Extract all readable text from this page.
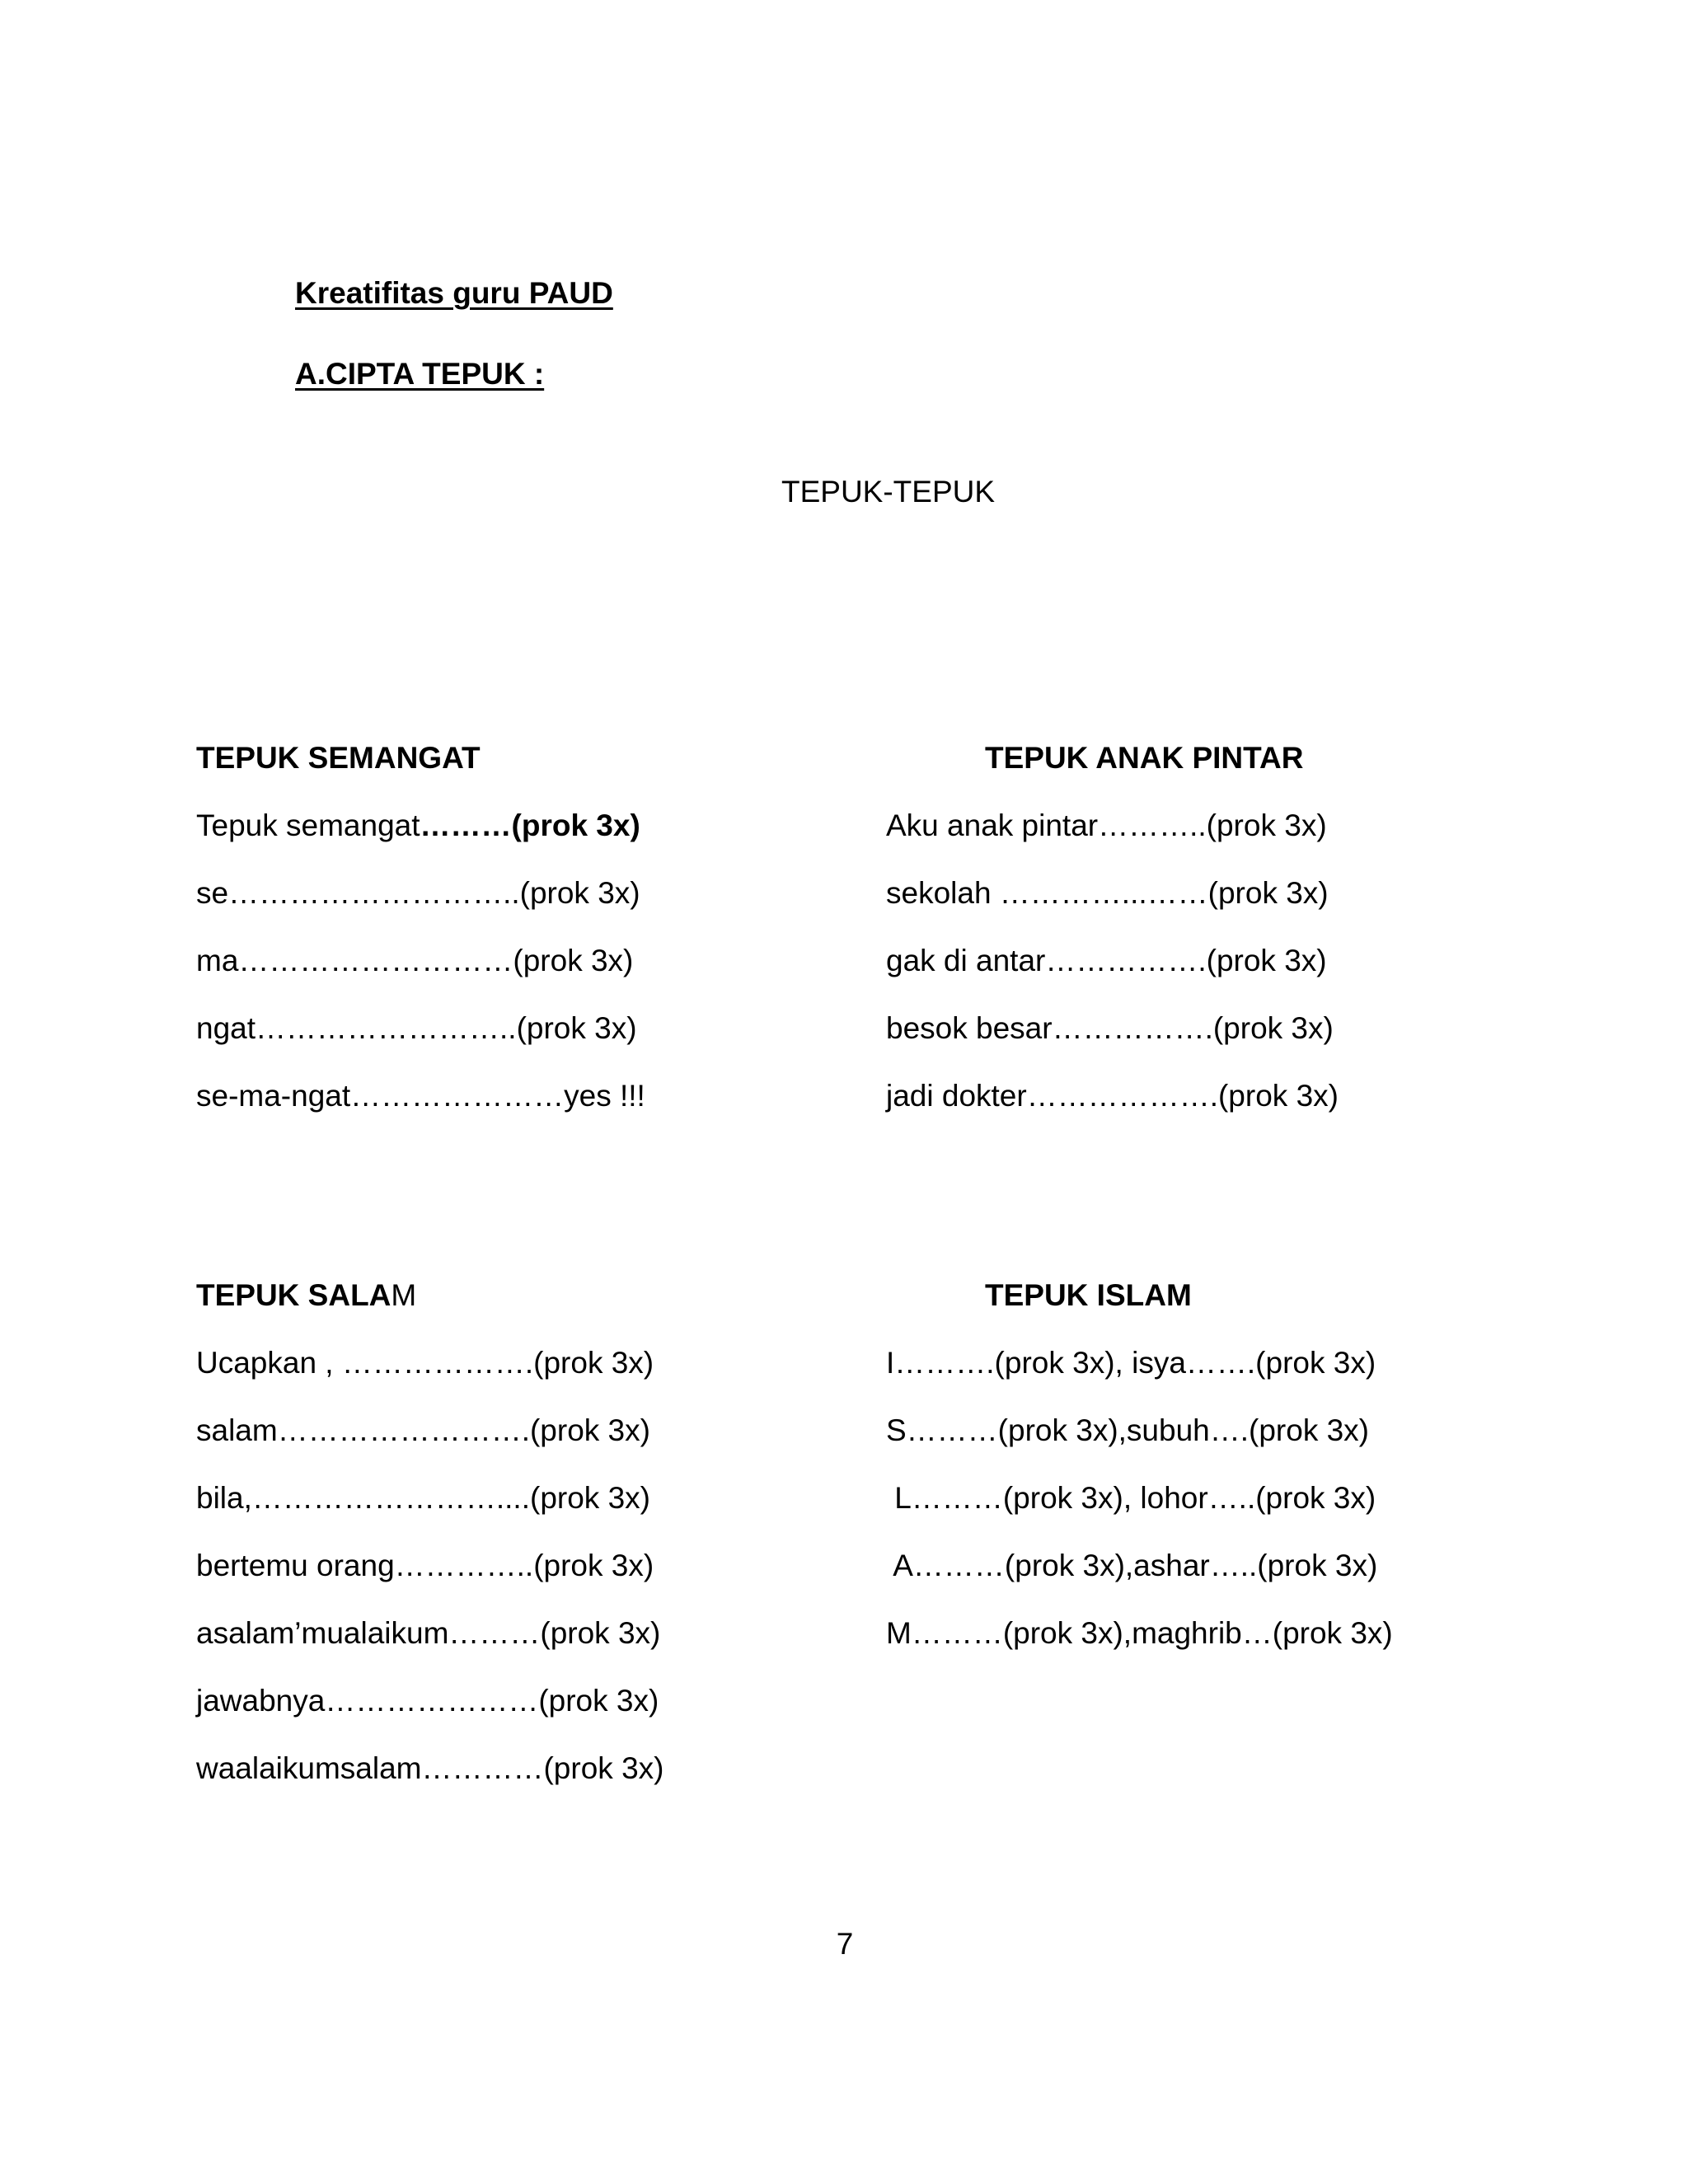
Kreatifitas guru PAUD

A.CIPTA TEPUK :

TEPUK-TEPUK

TEPUK SEMANGAT

Tepuk semangat………(prok 3x)

se………………………..(prok 3x)

ma………………………(prok 3x)

ngat……………………..(prok 3x)

se-ma-ngat…………………yes !!!

TEPUK ANAK PINTAR

Aku anak pintar………..(prok 3x)

sekolah …………...……(prok 3x)

gak di antar…………….(prok 3x)

besok besar…………….(prok 3x)

jadi dokter……………….(prok 3x)

TEPUK SALAM

Ucapkan , ……………….(prok 3x)

salam…………………….(prok 3x)

bila,……………………....(prok 3x)

bertemu orang…………..(prok 3x)

asalam’mualaikum………(prok 3x)

jawabnya…………………(prok 3x)

waalaikumsalam…………(prok 3x)

TEPUK ISLAM

I……….(prok 3x), isya…….(prok 3x)

S………(prok 3x),subuh….(prok 3x)

L………(prok 3x), lohor…..(prok 3x)

A………(prok 3x),ashar…..(prok 3x)

M………(prok 3x),maghrib…(prok 3x)

7
